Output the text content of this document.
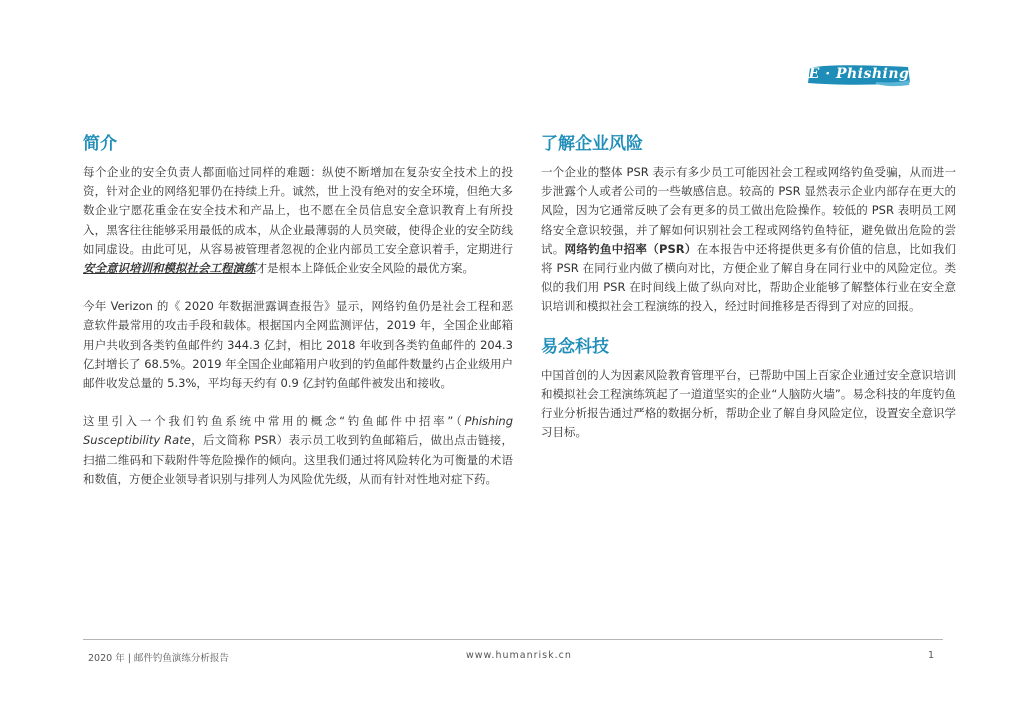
E · Phishing
简介

每个企业的安全负责人都面临过同样的难题：纵使不断增加在复杂安全技术上的投资，针对企业的网络犯罪仍在持续上升。诚然，世上没有绝对的安全环境，但绝大多数企业宁愿花重金在安全技术和产品上，也不愿在全员信息安全意识教育上有所投入，黑客往往能够采用最低的成本，从企业最薄弱的人员突破，使得企业的安全防线如同虚设。由此可见，从容易被管理者忽视的企业内部员工安全意识着手，定期进行安全意识培训和模拟社会工程演练才是根本上降低企业安全风险的最优方案。

今年 Verizon 的《 2020 年数据泄露调查报告》显示，网络钓鱼仍是社会工程和恶意软件最常用的攻击手段和载体。根据国内全网监测评估，2019 年，全国企业邮箱用户共收到各类钓鱼邮件约 344.3 亿封，相比 2018 年收到各类钓鱼邮件的 204.3 亿封增长了 68.5%。2019 年全国企业邮箱用户收到的钓鱼邮件数量约占企业级用户邮件收发总量的 5.3%，平均每天约有 0.9 亿封钓鱼邮件被发出和接收。

这里引入一个我们钓鱼系统中常用的概念“钓鱼邮件中招率”（Phishing Susceptibility Rate，后文简称 PSR）表示员工收到钓鱼邮箱后，做出点击链接，扫描二维码和下载附件等危险操作的倾向。这里我们通过将风险转化为可衡量的术语和数值，方便企业领导者识别与排列人为风险优先级，从而有针对性地对症下药。

了解企业风险

一个企业的整体 PSR 表示有多少员工可能因社会工程或网络钓鱼受骗，从而进一步泄露个人或者公司的一些敏感信息。较高的 PSR 显然表示企业内部存在更大的风险，因为它通常反映了会有更多的员工做出危险操作。较低的 PSR 表明员工网络安全意识较强，并了解如何识别社会工程或网络钓鱼特征，避免做出危险的尝试。网络钓鱼中招率（PSR）在本报告中还将提供更多有价值的信息，比如我们将 PSR 在同行业内做了横向对比，方便企业了解自身在同行业中的风险定位。类似的我们用 PSR 在时间线上做了纵向对比，帮助企业能够了解整体行业在安全意识培训和模拟社会工程演练的投入，经过时间推移是否得到了对应的回报。

易念科技

中国首创的人为因素风险教育管理平台，已帮助中国上百家企业通过安全意识培训和模拟社会工程演练筑起了一道道坚实的企业“人脑防火墙”。易念科技的年度钓鱼行业分析报告通过严格的数据分析，帮助企业了解自身风险定位，设置安全意识学习目标。

2020 年 | 邮件钓鱼演练分析报告	www.humanrisk.cn	1
